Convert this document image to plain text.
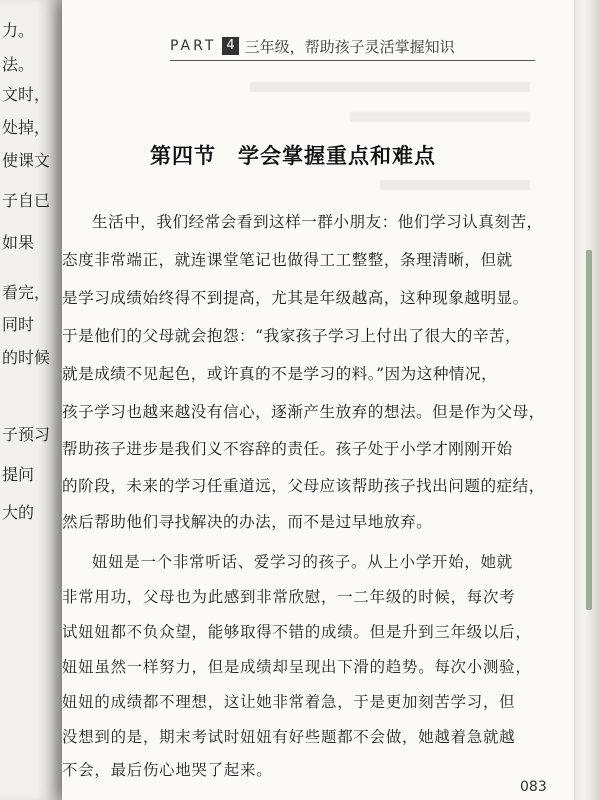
力。
法。
文时，
处掉，
使课文
子自已
如果
看完，
同时
的时候
子预习
提问
大的
PART 4 三年级，帮助孩子灵活掌握知识
第四节　学会掌握重点和难点
生活中，我们经常会看到这样一群小朋友：他们学习认真刻苦，
态度非常端正，就连课堂笔记也做得工工整整，条理清晰，但就
是学习成绩始终得不到提高，尤其是年级越高，这种现象越明显。
于是他们的父母就会抱怨：“我家孩子学习上付出了很大的辛苦，
就是成绩不见起色，或许真的不是学习的料。”因为这种情况，
孩子学习也越来越没有信心，逐渐产生放弃的想法。但是作为父母，
帮助孩子进步是我们义不容辞的责任。孩子处于小学才刚刚开始
的阶段，未来的学习任重道远，父母应该帮助孩子找出问题的症结，
然后帮助他们寻找解决的办法，而不是过早地放弃。
妞妞是一个非常听话、爱学习的孩子。从上小学开始，她就
非常用功，父母也为此感到非常欣慰，一二年级的时候，每次考
试妞妞都不负众望，能够取得不错的成绩。但是升到三年级以后，
妞妞虽然一样努力，但是成绩却呈现出下滑的趋势。每次小测验，
妞妞的成绩都不理想，这让她非常着急，于是更加刻苦学习，但
没想到的是，期末考试时妞妞有好些题都不会做，她越着急就越
不会，最后伤心地哭了起来。
083
